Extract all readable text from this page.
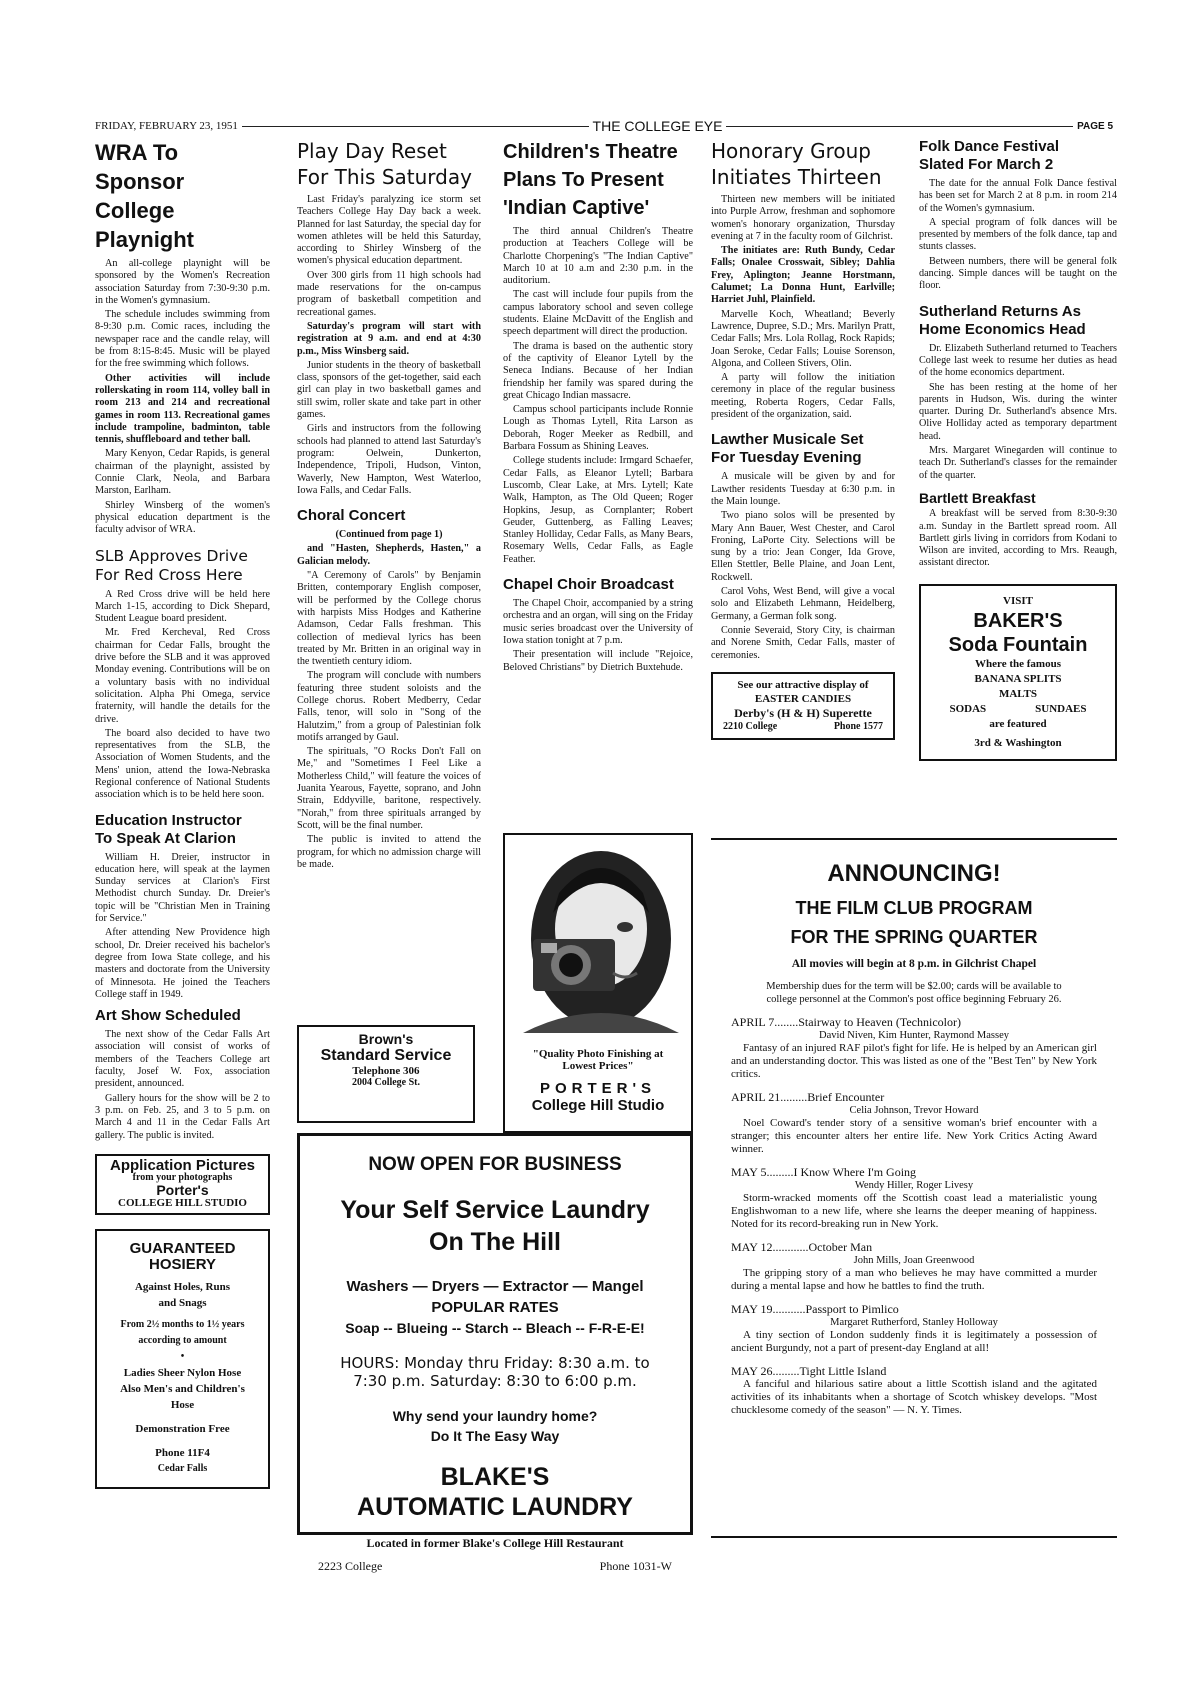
FRIDAY, FEBRUARY 23, 1951	THE COLLEGE EYE	PAGE 5
WRA To Sponsor
College Playnight

An all-college playnight will be sponsored by the Women's Recreation association Saturday from 7:30-9:30 p.m. in the Women's gymnasium.

The schedule includes swimming from 8-9:30 p.m. Comic races, including the newspaper race and the candle relay, will be from 8:15-8:45. Music will be played for the free swimming which follows.

Other activities will include rollerskating in room 114, volley ball in room 213 and 214 and recreational games in room 113. Recreational games include trampoline, badminton, table tennis, shuffleboard and tether ball.

Mary Kenyon, Cedar Rapids, is general chairman of the playnight, assisted by Connie Clark, Neola, and Barbara Marston, Earlham.

Shirley Winsberg of the women's physical education department is the faculty advisor of WRA.

SLB Approves Drive
For Red Cross Here

A Red Cross drive will be held here March 1-15, according to Dick Shepard, Student League board president.

Mr. Fred Kercheval, Red Cross chairman for Cedar Falls, brought the drive before the SLB and it was approved Monday evening. Contributions will be on a voluntary basis with no individual solicitation. Alpha Phi Omega, service fraternity, will handle the details for the drive.

The board also decided to have two representatives from the SLB, the Association of Women Students, and the Mens' union, attend the Iowa-Nebraska Regional conference of National Students association which is to be held here soon.

Education Instructor
To Speak At Clarion

William H. Dreier, instructor in education here, will speak at the laymen Sunday services at Clarion's First Methodist church Sunday. Dr. Dreier's topic will be "Christian Men in Training for Service."

After attending New Providence high school, Dr. Dreier received his bachelor's degree from Iowa State college, and his masters and doctorate from the University of Minnesota. He joined the Teachers College staff in 1949.

Art Show Scheduled

The next show of the Cedar Falls Art association will consist of works of members of the Teachers College art faculty, Josef W. Fox, association president, announced.

Gallery hours for the show will be 2 to 3 p.m. on Feb. 25, and 3 to 5 p.m. on March 4 and 11 in the Cedar Falls Art gallery. The public is invited.

Application Pictures
from your photographs
Porter's
COLLEGE HILL STUDIO
GUARANTEED
HOSIERY
Against Holes, Runs
and Snags
From 2½ months to 1½ years
according to amount
•
Ladies Sheer Nylon Hose
Also Men's and Children's
Hose
Demonstration Free
Phone 11F4
Cedar Falls
Play Day Reset
For This Saturday

Last Friday's paralyzing ice storm set Teachers College Hay Day back a week. Planned for last Saturday, the special day for women athletes will be held this Saturday, according to Shirley Winsberg of the women's physical education department.

Over 300 girls from 11 high schools had made reservations for the on-campus program of basketball competition and recreational games.

Saturday's program will start with registration at 9 a.m. and end at 4:30 p.m., Miss Winsberg said.

Junior students in the theory of basketball class, sponsors of the get-together, said each girl can play in two basketball games and still swim, roller skate and take part in other games.

Girls and instructors from the following schools had planned to attend last Saturday's program: Oelwein, Dunkerton, Independence, Tripoli, Hudson, Vinton, Waverly, New Hampton, West Waterloo, Iowa Falls, and Cedar Falls.

Choral Concert

(Continued from page 1)

and "Hasten, Shepherds, Hasten," a Galician melody.

"A Ceremony of Carols" by Benjamin Britten, contemporary English composer, will be performed by the College chorus with harpists Miss Hodges and Katherine Adamson, Cedar Falls freshman. This collection of medieval lyrics has been treated by Mr. Britten in an original way in the twentieth century idiom.

The program will conclude with numbers featuring three student soloists and the College chorus. Robert Medberry, Cedar Falls, tenor, will solo in "Song of the Halutzim," from a group of Palestinian folk motifs arranged by Gaul.

The spirituals, "O Rocks Don't Fall on Me," and "Sometimes I Feel Like a Motherless Child," will feature the voices of Juanita Yearous, Fayette, soprano, and John Strain, Eddyville, baritone, respectively. "Norah," from three spirituals arranged by Scott, will be the final number.

The public is invited to attend the program, for which no admission charge will be made.

Brown's
Standard Service
Telephone 306
2004 College St.
Children's Theatre
Plans To Present
'Indian Captive'

The third annual Children's Theatre production at Teachers College will be Charlotte Chorpening's "The Indian Captive" March 10 at 10 a.m and 2:30 p.m. in the auditorium.

The cast will include four pupils from the campus laboratory school and seven college students. Elaine McDavitt of the English and speech department will direct the production.

The drama is based on the authentic story of the captivity of Eleanor Lytell by the Seneca Indians. Because of her Indian friendship her family was spared during the great Chicago Indian massacre.

Campus school participants include Ronnie Lough as Thomas Lytell, Rita Larson as Deborah, Roger Meeker as Redbill, and Barbara Fossum as Shining Leaves.

College students include: Irmgard Schaefer, Cedar Falls, as Eleanor Lytell; Barbara Luscomb, Clear Lake, at Mrs. Lytell; Kate Walk, Hampton, as The Old Queen; Roger Hopkins, Jesup, as Cornplanter; Robert Geuder, Guttenberg, as Falling Leaves; Stanley Holliday, Cedar Falls, as Many Bears, Rosemary Wells, Cedar Falls, as Eagle Feather.

Chapel Choir Broadcast

The Chapel Choir, accompanied by a string orchestra and an organ, will sing on the Friday music series broadcast over the University of Iowa station tonight at 7 p.m.

Their presentation will include "Rejoice, Beloved Christians" by Dietrich Buxtehude.

"Quality Photo Finishing at
Lowest Prices"
PORTER'S
College Hill Studio
Honorary Group
Initiates Thirteen

Thirteen new members will be initiated into Purple Arrow, freshman and sophomore women's honorary organization, Thursday evening at 7 in the faculty room of Gilchrist.

The initiates are: Ruth Bundy, Cedar Falls; Onalee Crosswait, Sibley; Dahlia Frey, Aplington; Jeanne Horstmann, Calumet; La Donna Hunt, Earlville; Harriet Juhl, Plainfield.

Marvelle Koch, Wheatland; Beverly Lawrence, Dupree, S.D.; Mrs. Marilyn Pratt, Cedar Falls; Mrs. Lola Rollag, Rock Rapids; Joan Seroke, Cedar Falls; Louise Sorenson, Algona, and Colleen Stivers, Olin.

A party will follow the initiation ceremony in place of the regular business meeting, Roberta Rogers, Cedar Falls, president of the organization, said.

Lawther Musicale Set
For Tuesday Evening

A musicale will be given by and for Lawther residents Tuesday at 6:30 p.m. in the Main lounge.

Two piano solos will be presented by Mary Ann Bauer, West Chester, and Carol Froning, LaPorte City. Selections will be sung by a trio: Jean Conger, Ida Grove, Ellen Stettler, Belle Plaine, and Joan Lent, Rockwell.

Carol Vohs, West Bend, will give a vocal solo and Elizabeth Lehmann, Heidelberg, Germany, a German folk song.

Connie Severaid, Story City, is chairman and Norene Smith, Cedar Falls, master of ceremonies.

See our attractive display of
EASTER CANDIES
Derby's (H & H) Superette
2210 College	Phone 1577
Folk Dance Festival
Slated For March 2

The date for the annual Folk Dance festival has been set for March 2 at 8 p.m. in room 214 of the Women's gymnasium.

A special program of folk dances will be presented by members of the folk dance, tap and stunts classes.

Between numbers, there will be general folk dancing. Simple dances will be taught on the floor.

Sutherland Returns As
Home Economics Head

Dr. Elizabeth Sutherland returned to Teachers College last week to resume her duties as head of the home economics department.

She has been resting at the home of her parents in Hudson, Wis. during the winter quarter. During Dr. Sutherland's absence Mrs. Olive Holliday acted as temporary department head.

Mrs. Margaret Winegarden will continue to teach Dr. Sutherland's classes for the remainder of the quarter.

Bartlett Breakfast

A breakfast will be served from 8:30-9:30 a.m. Sunday in the Bartlett spread room. All Bartlett girls living in corridors from Kodani to Wilson are invited, according to Mrs. Reaugh, assistant director.

VISIT
BAKER'S
Soda Fountain
Where the famous
BANANA SPLITS
MALTS
SODAS	SUNDAES
are featured
3rd & Washington
NOW OPEN FOR BUSINESS
Your Self Service Laundry
On The Hill
Washers — Dryers — Extractor — Mangel
POPULAR RATES
Soap -- Blueing -- Starch -- Bleach -- F-R-E-E!
HOURS: Monday thru Friday: 8:30 a.m. to
7:30 p.m. Saturday: 8:30 to 6:00 p.m.
Why send your laundry home?
Do It The Easy Way
BLAKE'S
AUTOMATIC LAUNDRY
Located in former Blake's College Hill Restaurant
2223 College	Phone 1031-W
ANNOUNCING!
THE FILM CLUB PROGRAM
FOR THE SPRING QUARTER
All movies will begin at 8 p.m. in Gilchrist Chapel
Membership dues for the term will be $2.00; cards will be available to college personnel at the Common's post office beginning February 26.
APRIL 7........Stairway to Heaven (Technicolor)
David Niven, Kim Hunter, Raymond Massey
Fantasy of an injured RAF pilot's fight for life. He is helped by an American girl and an understanding doctor. This was listed as one of the "Best Ten" by New York critics.
APRIL 21.........Brief Encounter
Celia Johnson, Trevor Howard
Noel Coward's tender story of a sensitive woman's brief encounter with a stranger; this encounter alters her entire life. New York Critics Acting Award winner.
MAY 5.........I Know Where I'm Going
Wendy Hiller, Roger Livesy
Storm-wracked moments off the Scottish coast lead a materialistic young Englishwoman to a new life, where she learns the deeper meaning of happiness. Noted for its record-breaking run in New York.
MAY 12............October Man
John Mills, Joan Greenwood
The gripping story of a man who believes he may have committed a murder during a mental lapse and how he battles to find the truth.
MAY 19...........Passport to Pimlico
Margaret Rutherford, Stanley Holloway
A tiny section of London suddenly finds it is legitimately a possession of ancient Burgundy, not a part of present-day England at all!
MAY 26.........Tight Little Island
A fanciful and hilarious satire about a little Scottish island and the agitated activities of its inhabitants when a shortage of Scotch whiskey develops. "Most chucklesome comedy of the season" — N. Y. Times.
